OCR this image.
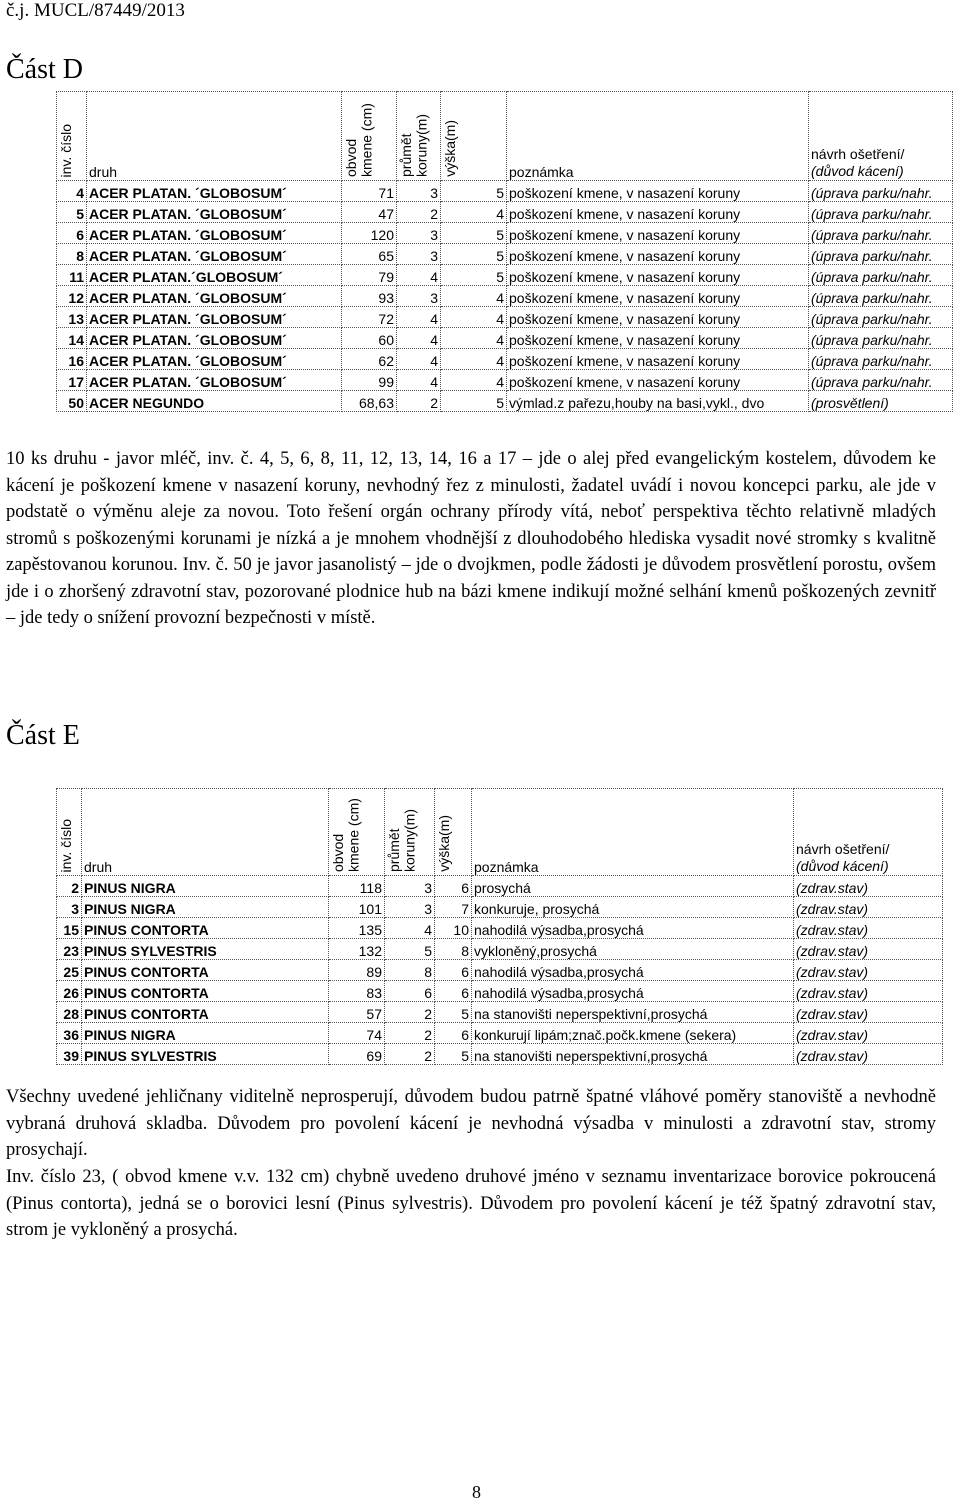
č.j. MUCL/87449/2013
Část D
inv. číslo	druh	obvod kmene (cm)	průmět koruny(m)	výška(m)	poznámka	návrh ošetření/
(důvod kácení)
4	ACER PLATAN. ´GLOBOSUM´	71	3	5	poškození kmene, v nasazení koruny	(úprava parku/nahr.
5	ACER PLATAN. ´GLOBOSUM´	47	2	4	poškození kmene, v nasazení koruny	(úprava parku/nahr.
6	ACER PLATAN. ´GLOBOSUM´	120	3	5	poškození kmene, v nasazení koruny	(úprava parku/nahr.
8	ACER PLATAN. ´GLOBOSUM´	65	3	5	poškození kmene, v nasazení koruny	(úprava parku/nahr.
11	ACER PLATAN.´GLOBOSUM´	79	4	5	poškození kmene, v nasazení koruny	(úprava parku/nahr.
12	ACER PLATAN. ´GLOBOSUM´	93	3	4	poškození kmene, v nasazení koruny	(úprava parku/nahr.
13	ACER PLATAN. ´GLOBOSUM´	72	4	4	poškození kmene, v nasazení koruny	(úprava parku/nahr.
14	ACER PLATAN. ´GLOBOSUM´	60	4	4	poškození kmene, v nasazení koruny	(úprava parku/nahr.
16	ACER PLATAN. ´GLOBOSUM´	62	4	4	poškození kmene, v nasazení koruny	(úprava parku/nahr.
17	ACER PLATAN. ´GLOBOSUM´	99	4	4	poškození kmene, v nasazení koruny	(úprava parku/nahr.
50	ACER NEGUNDO	68,63	2	5	výmlad.z pařezu,houby na basi,vykl., dvo	(prosvětlení)
10 ks druhu - javor mléč, inv. č. 4, 5, 6, 8, 11, 12, 13, 14, 16 a 17 – jde o alej před evangelickým kostelem, důvodem ke kácení je poškození kmene v nasazení koruny, nevhodný řez z minulosti, žadatel uvádí i novou koncepci parku, ale jde v podstatě o výměnu aleje za novou. Toto řešení orgán ochrany přírody vítá, neboť perspektiva těchto relativně mladých stromů s poškozenými korunami je nízká a je mnohem vhodnější z dlouhodobého hlediska vysadit nové stromky s kvalitně zapěstovanou korunou. Inv. č. 50 je javor jasanolistý – jde o dvojkmen, podle žádosti je důvodem prosvětlení porostu, ovšem jde i o zhoršený zdravotní stav, pozorované plodnice hub na bázi kmene indikují možné selhání kmenů poškozených zevnitř – jde tedy o snížení provozní bezpečnosti v místě.
Část E
inv. číslo	druh	obvod kmene (cm)	průmět koruny(m)	výška(m)	poznámka	návrh ošetření/
(důvod kácení)
2	PINUS NIGRA	118	3	6	prosychá	(zdrav.stav)
3	PINUS NIGRA	101	3	7	konkuruje, prosychá	(zdrav.stav)
15	PINUS CONTORTA	135	4	10	nahodilá výsadba,prosychá	(zdrav.stav)
23	PINUS SYLVESTRIS	132	5	8	vykloněný,prosychá	(zdrav.stav)
25	PINUS CONTORTA	89	8	6	nahodilá výsadba,prosychá	(zdrav.stav)
26	PINUS CONTORTA	83	6	6	nahodilá výsadba,prosychá	(zdrav.stav)
28	PINUS CONTORTA	57	2	5	na stanovišti neperspektivní,prosychá	(zdrav.stav)
36	PINUS NIGRA	74	2	6	konkurují lipám;znač.počk.kmene (sekera)	(zdrav.stav)
39	PINUS SYLVESTRIS	69	2	5	na stanovišti neperspektivní,prosychá	(zdrav.stav)
Všechny uvedené jehličnany viditelně neprosperují, důvodem budou patrně špatné vláhové poměry stanoviště a nevhodně vybraná druhová skladba. Důvodem pro povolení kácení je nevhodná výsadba v minulosti a zdravotní stav, stromy prosychají.
Inv. číslo 23, ( obvod kmene v.v. 132 cm) chybně uvedeno druhové jméno v seznamu inventarizace borovice pokroucená (Pinus contorta), jedná se o borovici lesní (Pinus sylvestris). Důvodem pro povolení kácení je též špatný zdravotní stav, strom je vykloněný a prosychá.
8
